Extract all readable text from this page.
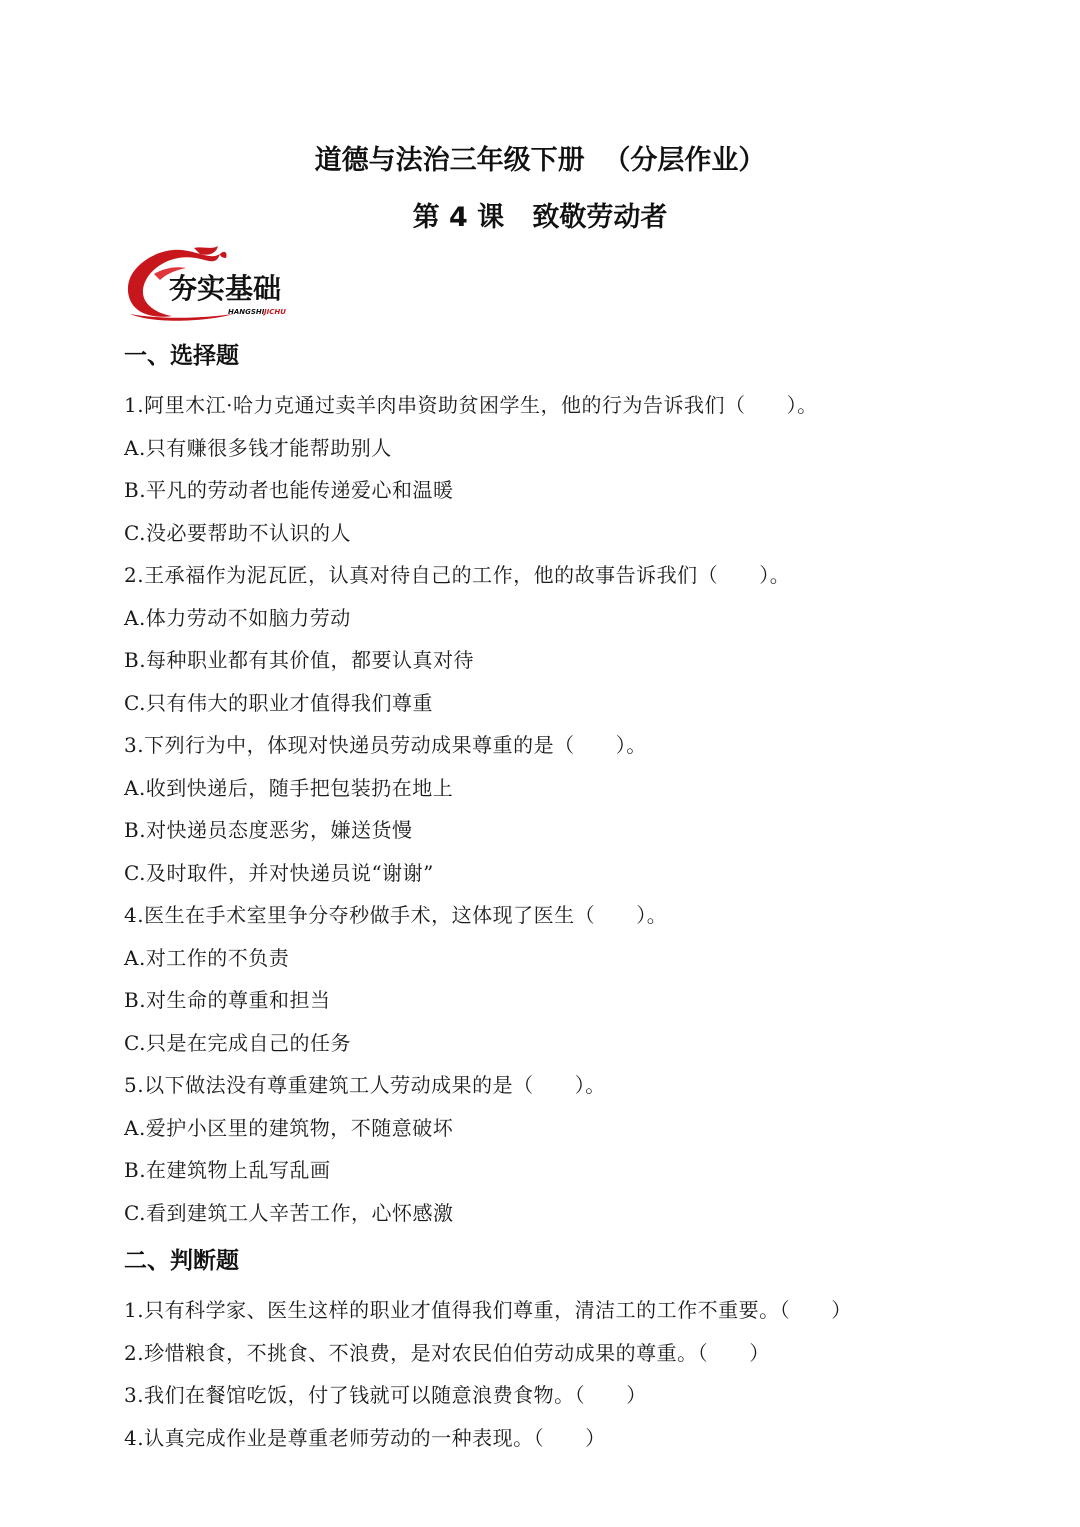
道德与法治三年级下册  （分层作业）
第 4 课   致敬劳动者
夯实基础
HANGSHI JICHU
一、选择题
1.阿里木江·哈力克通过卖羊肉串资助贫困学生，他的行为告诉我们（      ）。
A.只有赚很多钱才能帮助别人
B.平凡的劳动者也能传递爱心和温暖
C.没必要帮助不认识的人
2.王承福作为泥瓦匠，认真对待自己的工作，他的故事告诉我们（      ）。
A.体力劳动不如脑力劳动
B.每种职业都有其价值，都要认真对待
C.只有伟大的职业才值得我们尊重
3.下列行为中，体现对快递员劳动成果尊重的是（      ）。
A.收到快递后，随手把包装扔在地上
B.对快递员态度恶劣，嫌送货慢
C.及时取件，并对快递员说“谢谢”
4.医生在手术室里争分夺秒做手术，这体现了医生（      ）。
A.对工作的不负责
B.对生命的尊重和担当
C.只是在完成自己的任务
5.以下做法没有尊重建筑工人劳动成果的是（      ）。
A.爱护小区里的建筑物，不随意破坏
B.在建筑物上乱写乱画
C.看到建筑工人辛苦工作，心怀感激
二、判断题
1.只有科学家、医生这样的职业才值得我们尊重，清洁工的工作不重要。（      ）
2.珍惜粮食，不挑食、不浪费，是对农民伯伯劳动成果的尊重。（      ）
3.我们在餐馆吃饭，付了钱就可以随意浪费食物。（      ）
4.认真完成作业是尊重老师劳动的一种表现。（      ）
